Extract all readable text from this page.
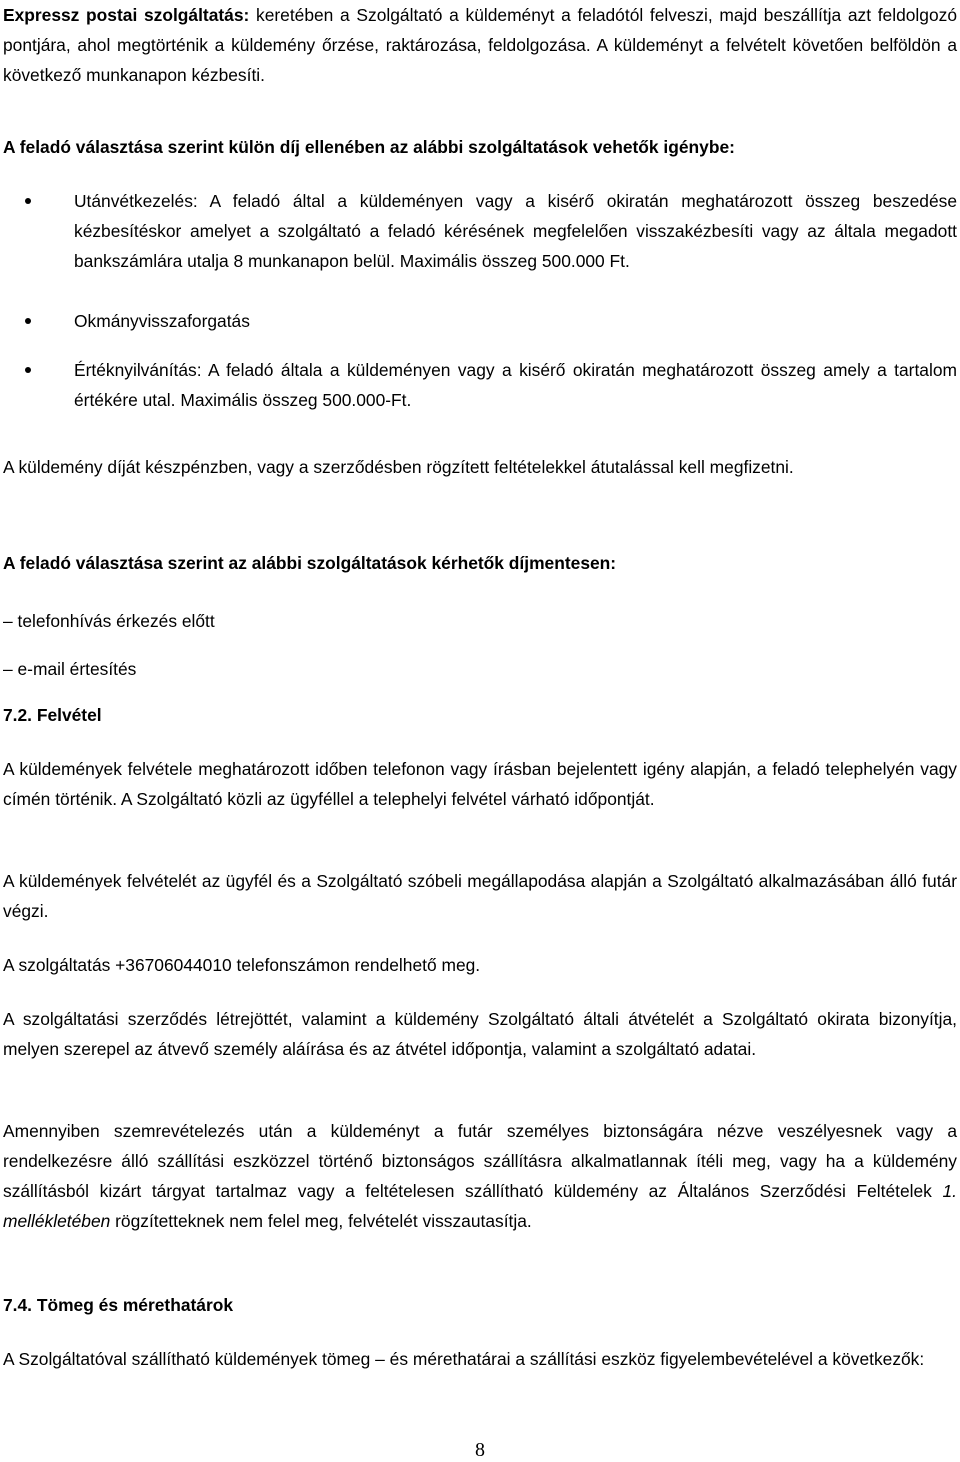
Expressz postai szolgáltatás: keretében a Szolgáltató a küldeményt a feladótól felveszi, majd beszállítja azt feldolgozó pontjára, ahol megtörténik a küldemény őrzése, raktározása, feldolgozása. A küldeményt a felvételt követően belföldön a következő munkanapon kézbesíti.

A feladó választása szerint külön díj ellenében az alábbi szolgáltatások vehetők igénybe:

Utánvétkezelés: A feladó által a küldeményen vagy a kisérő okiratán meghatározott összeg beszedése kézbesítéskor amelyet a szolgáltató a feladó kérésének megfelelően visszakézbesíti vagy az általa megadott bankszámlára utalja 8 munkanapon belül. Maximális összeg 500.000 Ft.

Okmányvisszaforgatás

Értéknyilvánítás: A feladó általa a küldeményen vagy a kisérő okiratán meghatározott összeg amely a tartalom értékére utal. Maximális összeg 500.000-Ft.

A küldemény díját készpénzben, vagy a szerződésben rögzített feltételekkel átutalással kell megfizetni.

A feladó választása szerint az alábbi szolgáltatások kérhetők díjmentesen:

– telefonhívás érkezés előtt
– e-mail értesítés

7.2. Felvétel

A küldemények felvétele meghatározott időben telefonon vagy írásban bejelentett igény alapján, a feladó telephelyén vagy címén történik. A Szolgáltató közli az ügyféllel a telephelyi felvétel várható időpontját.

A küldemények felvételét az ügyfél és a Szolgáltató szóbeli megállapodása alapján a Szolgáltató alkalmazásában álló futár végzi.

A szolgáltatás +36706044010 telefonszámon rendelhető meg.

A szolgáltatási szerződés létrejöttét, valamint a küldemény Szolgáltató általi átvételét a Szolgáltató okirata bizonyítja, melyen szerepel az átvevő személy aláírása és az átvétel időpontja, valamint a szolgáltató adatai.

Amennyiben szemrevételezés után a küldeményt a futár személyes biztonságára nézve veszélyesnek vagy a rendelkezésre álló szállítási eszközzel történő biztonságos szállításra alkalmatlannak ítéli meg, vagy ha a küldemény szállításból kizárt tárgyat tartalmaz vagy a feltételesen szállítható küldemény az Általános Szerződési Feltételek 1. mellékletében rögzítetteknek nem felel meg, felvételét visszautasítja.

7.4. Tömeg és mérethatárok

A Szolgáltatóval szállítható küldemények tömeg – és mérethatárai a szállítási eszköz figyelembevételével a következők:

8
